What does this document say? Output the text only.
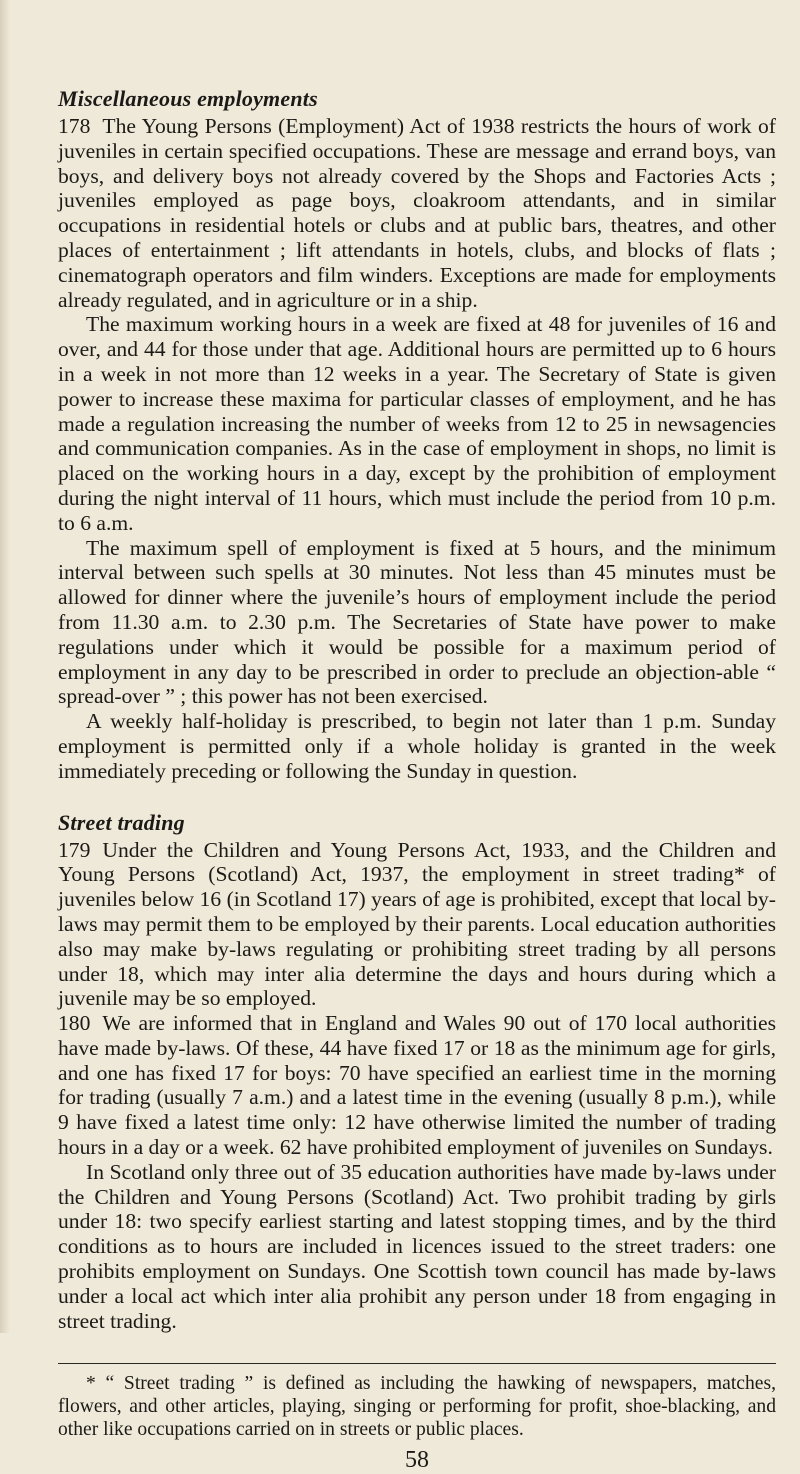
Miscellaneous employments

178 The Young Persons (Employment) Act of 1938 restricts the hours of work of juveniles in certain specified occupations. These are message and errand boys, van boys, and delivery boys not already covered by the Shops and Factories Acts ; juveniles employed as page boys, cloakroom attendants, and in similar occupations in residential hotels or clubs and at public bars, theatres, and other places of entertainment ; lift attendants in hotels, clubs, and blocks of flats ; cinematograph operators and film winders. Exceptions are made for employments already regulated, and in agriculture or in a ship.

The maximum working hours in a week are fixed at 48 for juveniles of 16 and over, and 44 for those under that age. Additional hours are permitted up to 6 hours in a week in not more than 12 weeks in a year. The Secretary of State is given power to increase these maxima for particular classes of employment, and he has made a regulation increasing the number of weeks from 12 to 25 in newsagencies and communication companies. As in the case of employment in shops, no limit is placed on the working hours in a day, except by the prohibition of employment during the night interval of 11 hours, which must include the period from 10 p.m. to 6 a.m.

The maximum spell of employment is fixed at 5 hours, and the minimum interval between such spells at 30 minutes. Not less than 45 minutes must be allowed for dinner where the juvenile’s hours of employment include the period from 11.30 a.m. to 2.30 p.m. The Secretaries of State have power to make regulations under which it would be possible for a maximum period of employment in any day to be prescribed in order to preclude an objection-able “ spread-over ” ; this power has not been exercised.

A weekly half-holiday is prescribed, to begin not later than 1 p.m. Sunday employment is permitted only if a whole holiday is granted in the week immediately preceding or following the Sunday in question.

Street trading

179 Under the Children and Young Persons Act, 1933, and the Children and Young Persons (Scotland) Act, 1937, the employment in street trading* of juveniles below 16 (in Scotland 17) years of age is prohibited, except that local by-laws may permit them to be employed by their parents. Local education authorities also may make by-laws regulating or prohibiting street trading by all persons under 18, which may inter alia determine the days and hours during which a juvenile may be so employed.

180 We are informed that in England and Wales 90 out of 170 local authorities have made by-laws. Of these, 44 have fixed 17 or 18 as the minimum age for girls, and one has fixed 17 for boys: 70 have specified an earliest time in the morning for trading (usually 7 a.m.) and a latest time in the evening (usually 8 p.m.), while 9 have fixed a latest time only: 12 have otherwise limited the number of trading hours in a day or a week. 62 have prohibited employment of juveniles on Sundays.

In Scotland only three out of 35 education authorities have made by-laws under the Children and Young Persons (Scotland) Act. Two prohibit trading by girls under 18: two specify earliest starting and latest stopping times, and by the third conditions as to hours are included in licences issued to the street traders: one prohibits employment on Sundays. One Scottish town council has made by-laws under a local act which inter alia prohibit any person under 18 from engaging in street trading.

* “ Street trading ” is defined as including the hawking of newspapers, matches, flowers, and other articles, playing, singing or performing for profit, shoe-blacking, and other like occupations carried on in streets or public places.

58
